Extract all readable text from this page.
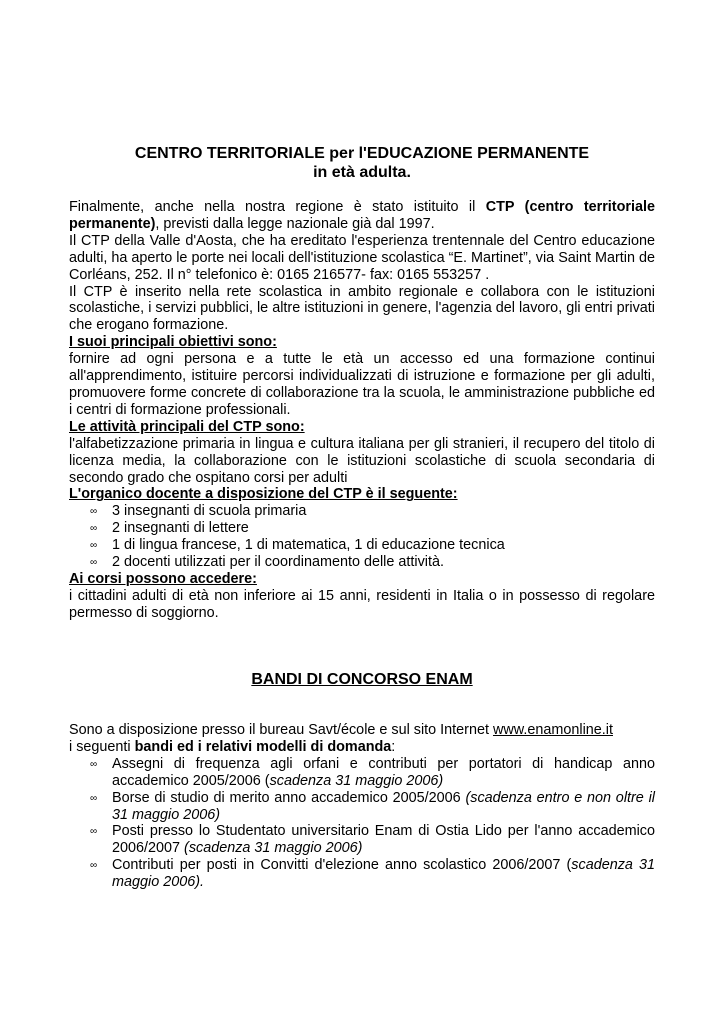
CENTRO TERRITORIALE per l'EDUCAZIONE PERMANENTE
in età adulta.

Finalmente, anche nella nostra regione è stato istituito il CTP (centro territoriale permanente), previsti dalla legge nazionale già dal 1997.

Il CTP della Valle d'Aosta, che ha ereditato l'esperienza trentennale del Centro educazione adulti, ha aperto le porte nei locali dell'istituzione scolastica “E. Martinet”, via Saint Martin de Corléans, 252. Il n° telefonico è: 0165 216577- fax: 0165 553257 .

Il CTP è inserito nella rete scolastica in ambito regionale e collabora con le istituzioni scolastiche, i servizi pubblici, le altre istituzioni in genere, l'agenzia del lavoro, gli entri privati che erogano formazione.

I suoi principali obiettivi sono:

fornire ad ogni persona e a tutte le età un accesso ed una formazione continui all'apprendimento, istituire percorsi individualizzati di istruzione e formazione per gli adulti, promuovere forme concrete di collaborazione tra la scuola, le amministrazione pubbliche ed i centri di formazione professionali.

Le attività principali del CTP sono:

l'alfabetizzazione primaria in lingua e cultura italiana per gli stranieri, il recupero del titolo di licenza media, la collaborazione con le istituzioni scolastiche di scuola secondaria di secondo grado che ospitano corsi per adulti

L'organico docente a disposizione del CTP è il seguente:

∞ 3 insegnanti di scuola primaria
∞ 2 insegnanti di lettere
∞ 1 di lingua francese, 1 di matematica, 1 di educazione tecnica
∞ 2 docenti utilizzati per il coordinamento delle attività.

Ai corsi possono accedere:

i cittadini adulti di età non inferiore ai 15 anni, residenti in Italia o in possesso di regolare permesso di soggiorno.

BANDI DI CONCORSO ENAM

Sono a disposizione presso il bureau Savt/école e sul sito Internet www.enamonline.it

i seguenti bandi ed i relativi modelli di domanda:

∞ Assegni di frequenza agli orfani e contributi per portatori di handicap anno accademico 2005/2006 (scadenza 31 maggio 2006)
∞ Borse di studio di merito anno accademico 2005/2006 (scadenza entro e non oltre il 31 maggio 2006)
∞ Posti presso lo Studentato universitario Enam di Ostia Lido per l'anno accademico 2006/2007 (scadenza 31 maggio 2006)
∞ Contributi per posti in Convitti d'elezione anno scolastico 2006/2007 (scadenza 31 maggio 2006).
